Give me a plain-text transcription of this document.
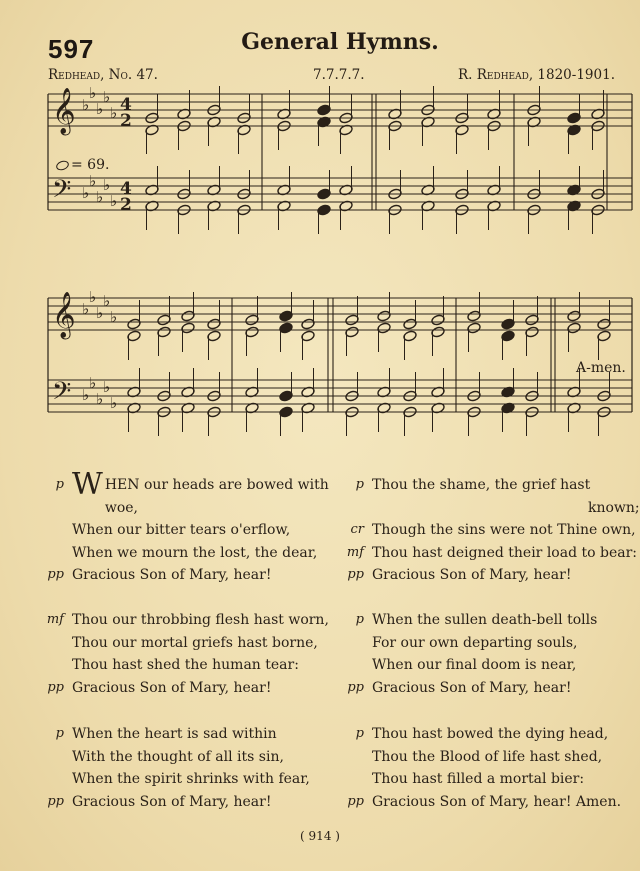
597	General Hymns.
Redhead, No. 47.	7.7.7.7.	R. Redhead, 1820-1901.
𝄞
𝄞
𝄢
𝄢
♭
♭
♭
♭
♭
♭
♭
♭
♭
♭
♭
♭
♭
♭
♭
♭
♭
♭
♭
♭
4
2
4
2
= 69.
A-men.
p W HEN our heads are bowed with
woe,
When our bitter tears o'erflow,
When we mourn the lost, the dear,
pp Gracious Son of Mary, hear!
mf Thou our throbbing flesh hast worn,
Thou our mortal griefs hast borne,
Thou hast shed the human tear:
pp Gracious Son of Mary, hear!
p When the heart is sad within
With the thought of all its sin,
When the spirit shrinks with fear,
pp Gracious Son of Mary, hear!
p Thou the shame, the grief hast
known;
cr Though the sins were not Thine own,
mf Thou hast deigned their load to bear:
pp Gracious Son of Mary, hear!
p When the sullen death-bell tolls
For our own departing souls,
When our final doom is near,
pp Gracious Son of Mary, hear!
p Thou hast bowed the dying head,
Thou the Blood of life hast shed,
Thou hast filled a mortal bier:
pp Gracious Son of Mary, hear! Amen.
( 914 )
